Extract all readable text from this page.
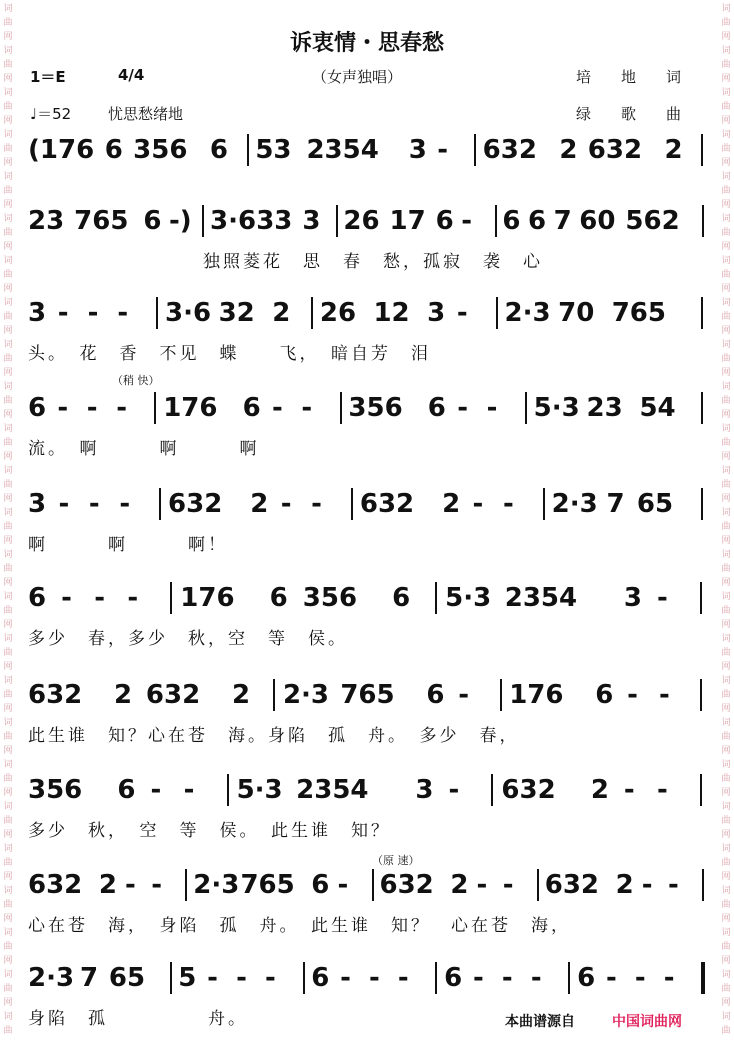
词
曲
网
词
曲
网
词
曲
网
词
曲
网
词
曲
网
词
曲
网
词
曲
网
词
曲
网
词
曲
网
词
曲
网
词
曲
网
词
曲
网
词
曲
网
词
曲
网
词
曲
网
词
曲
网
词
曲
网
词
曲
网
词
曲
网
词
曲
网
词
曲
网
词
曲
网
词
曲
网
词
曲
网
词
曲
词
曲
网
词
曲
网
词
曲
网
词
曲
网
词
曲
网
词
曲
网
词
曲
网
词
曲
网
词
曲
网
词
曲
网
词
曲
网
词
曲
网
词
曲
网
词
曲
网
词
曲
网
词
曲
网
词
曲
网
词
曲
网
词
曲
网
词
曲
网
词
曲
网
词
曲
网
词
曲
网
词
曲
网
词
曲
诉衷情・思春愁
1＝E	4/4	（女声独唱）	培　　地　　词
♩＝52 忧思愁绪地	绿　　歌　　曲
(176 6 356 6 53 2354 3 - 632 2 632 2
23 765 6 -) 3·6 33 3 26 17 6 - 6 6 7 60 562
独照菱花　思　春　愁，孤寂　袭　心
3 - - - 3·6 32 2 26 12 3 - 2·3 70 765
头。　花　香　不见　蝶　　飞，　暗自芳　泪
6 - - - 176 6 - - 356 6 - - 5·3 23 54
流。　啊　　　啊　　　啊
3 - - - 632 2 - - 632 2 - - 2·3 7 65
啊　　　啊　　　啊！
6 - - - 176 6 356 6 5·3 2354 3 -
多少　春，多少　秋，空　等　侯。
632 2 632 2 2·3 765 6 - 176 6 - -
此生谁　知？心在苍　海。身陷　孤　舟。　多少　春，
356 6 - - 5·3 2354 3 - 632 2 - -
多少　秋，　空　等　侯。　此生谁　知？
632 2 - - 2·3 765 6 - 632 2 - - 632 2 - -
心在苍　海，　身陷　孤　舟。　此生谁　知？　心在苍　海，
2·3 7 65 5 - - - 6 - - - 6 - - - 6 - - -
身陷　孤　　　　　舟。
（稍 快）
（原 速）
本曲谱源自	中国词曲网
